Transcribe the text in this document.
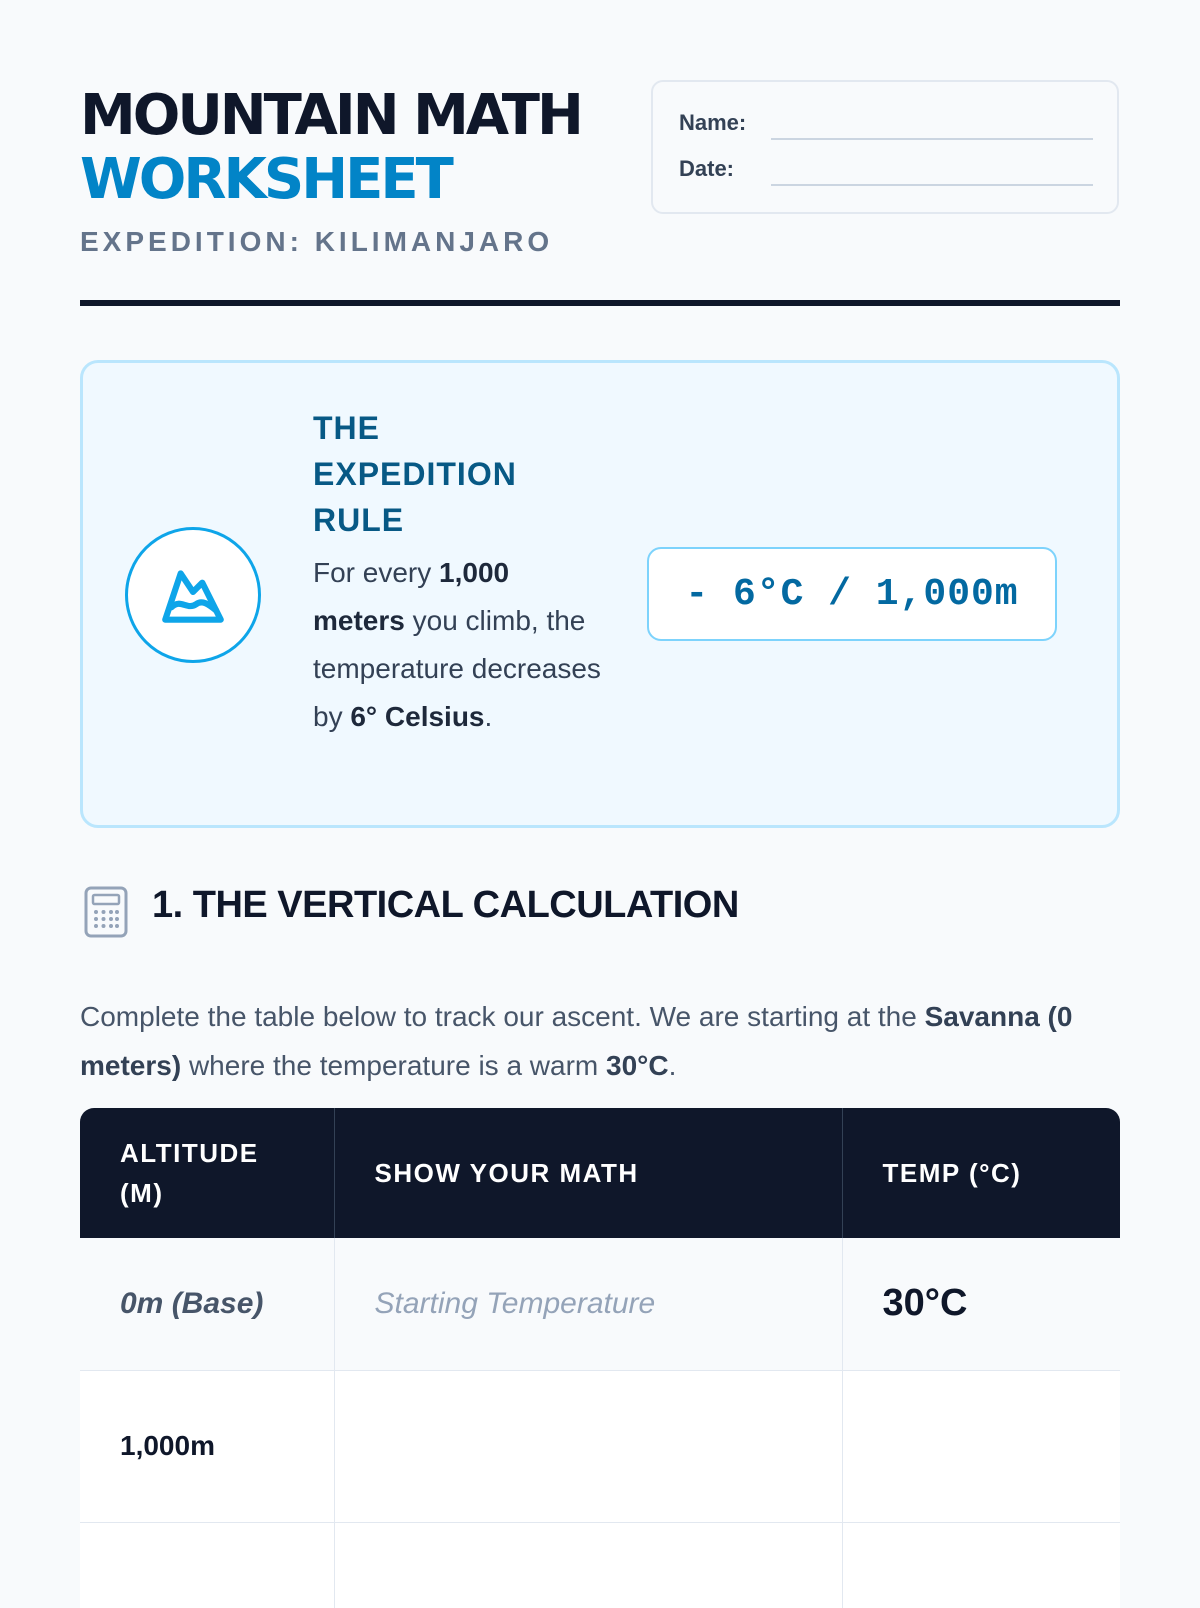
MOUNTAIN MATH
WORKSHEET
EXPEDITION: KILIMANJARO
Name:
Date:
THE
EXPEDITION
RULE
For every 1,000 meters you climb, the temperature decreases by 6° Celsius.
- 6°C / 1,000m
1. THE VERTICAL CALCULATION
Complete the table below to track our ascent. We are starting at the Savanna (0 meters) where the temperature is a warm 30°C.
ALTITUDE (M)	SHOW YOUR MATH	TEMP (°C)
0m (Base)	Starting Temperature	30°C
1,000m		
